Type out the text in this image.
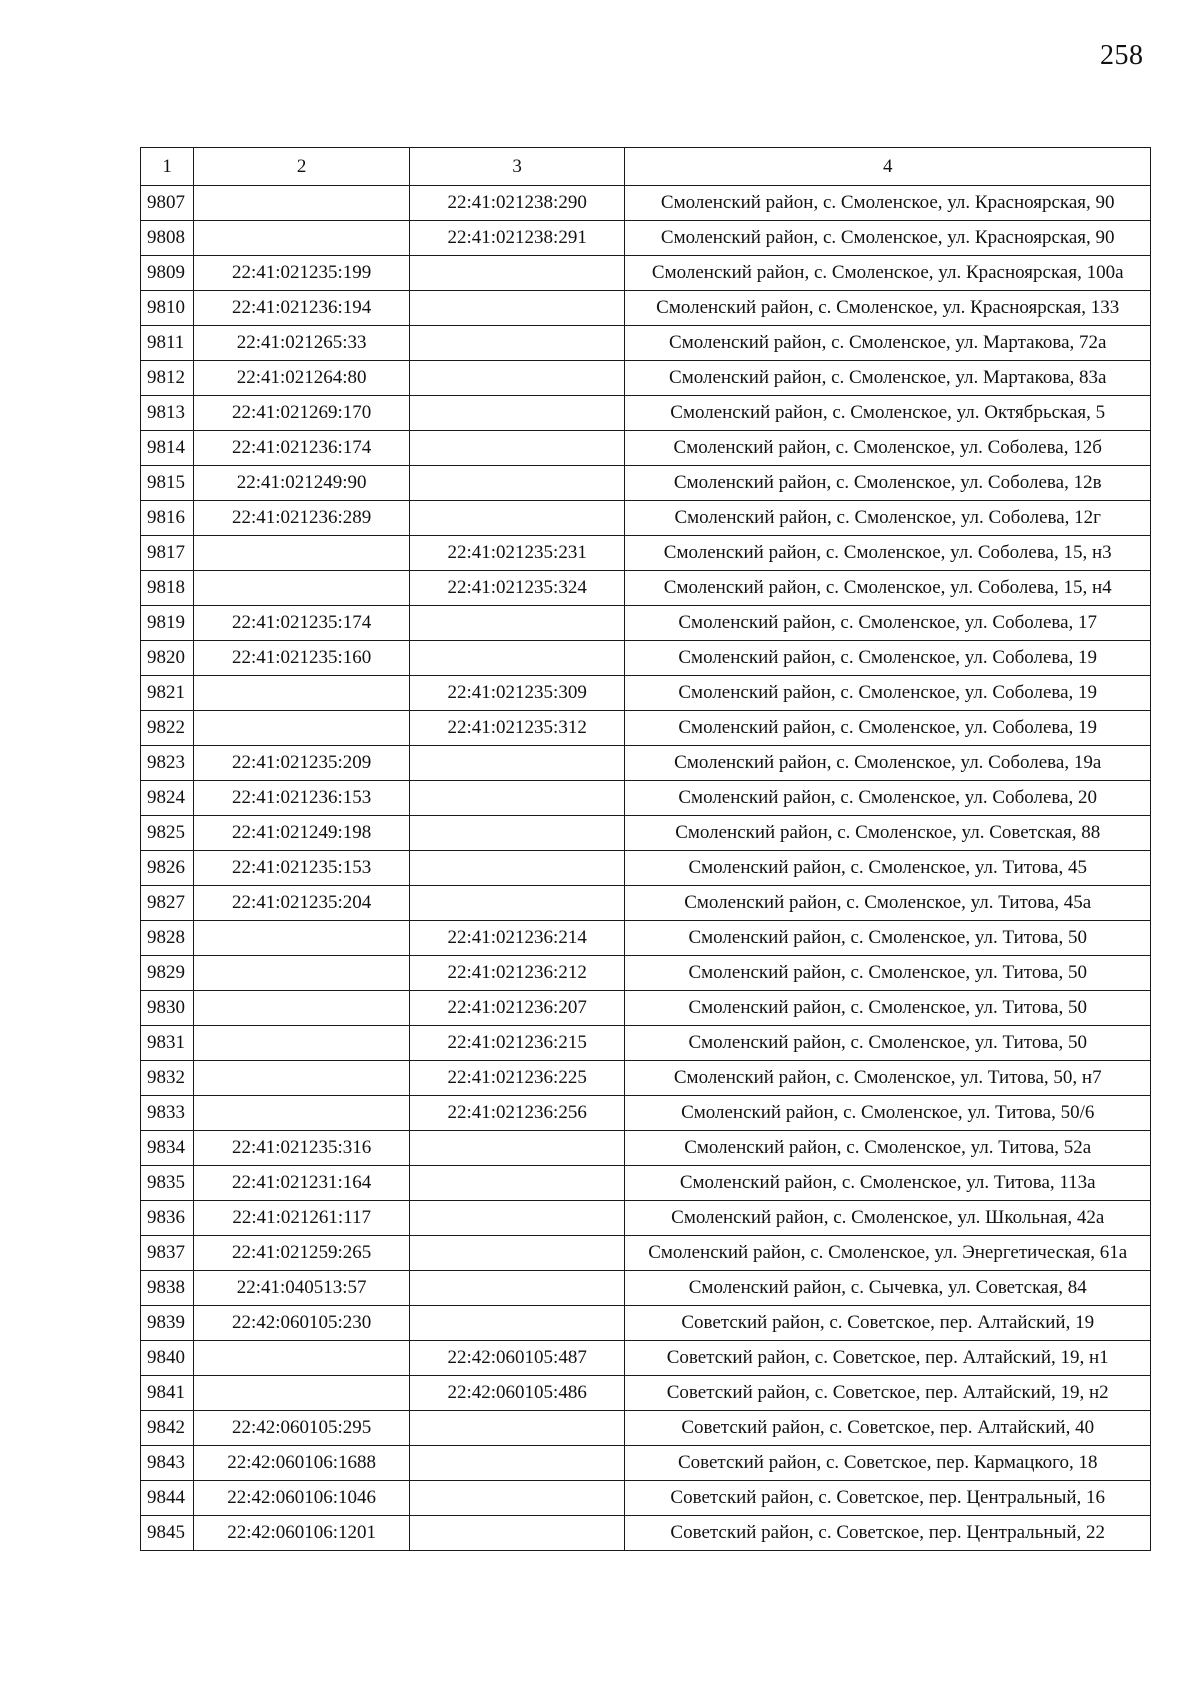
258
1	2	3	4
9807		22:41:021238:290	Смоленский район, с. Смоленское, ул. Красноярская, 90
9808		22:41:021238:291	Смоленский район, с. Смоленское, ул. Красноярская, 90
9809	22:41:021235:199		Смоленский район, с. Смоленское, ул. Красноярская, 100а
9810	22:41:021236:194		Смоленский район, с. Смоленское, ул. Красноярская, 133
9811	22:41:021265:33		Смоленский район, с. Смоленское, ул. Мартакова, 72а
9812	22:41:021264:80		Смоленский район, с. Смоленское, ул. Мартакова, 83а
9813	22:41:021269:170		Смоленский район, с. Смоленское, ул. Октябрьская, 5
9814	22:41:021236:174		Смоленский район, с. Смоленское, ул. Соболева, 12б
9815	22:41:021249:90		Смоленский район, с. Смоленское, ул. Соболева, 12в
9816	22:41:021236:289		Смоленский район, с. Смоленское, ул. Соболева, 12г
9817		22:41:021235:231	Смоленский район, с. Смоленское, ул. Соболева, 15, н3
9818		22:41:021235:324	Смоленский район, с. Смоленское, ул. Соболева, 15, н4
9819	22:41:021235:174		Смоленский район, с. Смоленское, ул. Соболева, 17
9820	22:41:021235:160		Смоленский район, с. Смоленское, ул. Соболева, 19
9821		22:41:021235:309	Смоленский район, с. Смоленское, ул. Соболева, 19
9822		22:41:021235:312	Смоленский район, с. Смоленское, ул. Соболева, 19
9823	22:41:021235:209		Смоленский район, с. Смоленское, ул. Соболева, 19а
9824	22:41:021236:153		Смоленский район, с. Смоленское, ул. Соболева, 20
9825	22:41:021249:198		Смоленский район, с. Смоленское, ул. Советская, 88
9826	22:41:021235:153		Смоленский район, с. Смоленское, ул. Титова, 45
9827	22:41:021235:204		Смоленский район, с. Смоленское, ул. Титова, 45а
9828		22:41:021236:214	Смоленский район, с. Смоленское, ул. Титова, 50
9829		22:41:021236:212	Смоленский район, с. Смоленское, ул. Титова, 50
9830		22:41:021236:207	Смоленский район, с. Смоленское, ул. Титова, 50
9831		22:41:021236:215	Смоленский район, с. Смоленское, ул. Титова, 50
9832		22:41:021236:225	Смоленский район, с. Смоленское, ул. Титова, 50, н7
9833		22:41:021236:256	Смоленский район, с. Смоленское, ул. Титова, 50/6
9834	22:41:021235:316		Смоленский район, с. Смоленское, ул. Титова, 52а
9835	22:41:021231:164		Смоленский район, с. Смоленское, ул. Титова, 113а
9836	22:41:021261:117		Смоленский район, с. Смоленское, ул. Школьная, 42а
9837	22:41:021259:265		Смоленский район, с. Смоленское, ул. Энергетическая, 61а
9838	22:41:040513:57		Смоленский район, с. Сычевка, ул. Советская, 84
9839	22:42:060105:230		Советский район, с. Советское, пер. Алтайский, 19
9840		22:42:060105:487	Советский район, с. Советское, пер. Алтайский, 19, н1
9841		22:42:060105:486	Советский район, с. Советское, пер. Алтайский, 19, н2
9842	22:42:060105:295		Советский район, с. Советское, пер. Алтайский, 40
9843	22:42:060106:1688		Советский район, с. Советское, пер. Кармацкого, 18
9844	22:42:060106:1046		Советский район, с. Советское, пер. Центральный, 16
9845	22:42:060106:1201		Советский район, с. Советское, пер. Центральный, 22
